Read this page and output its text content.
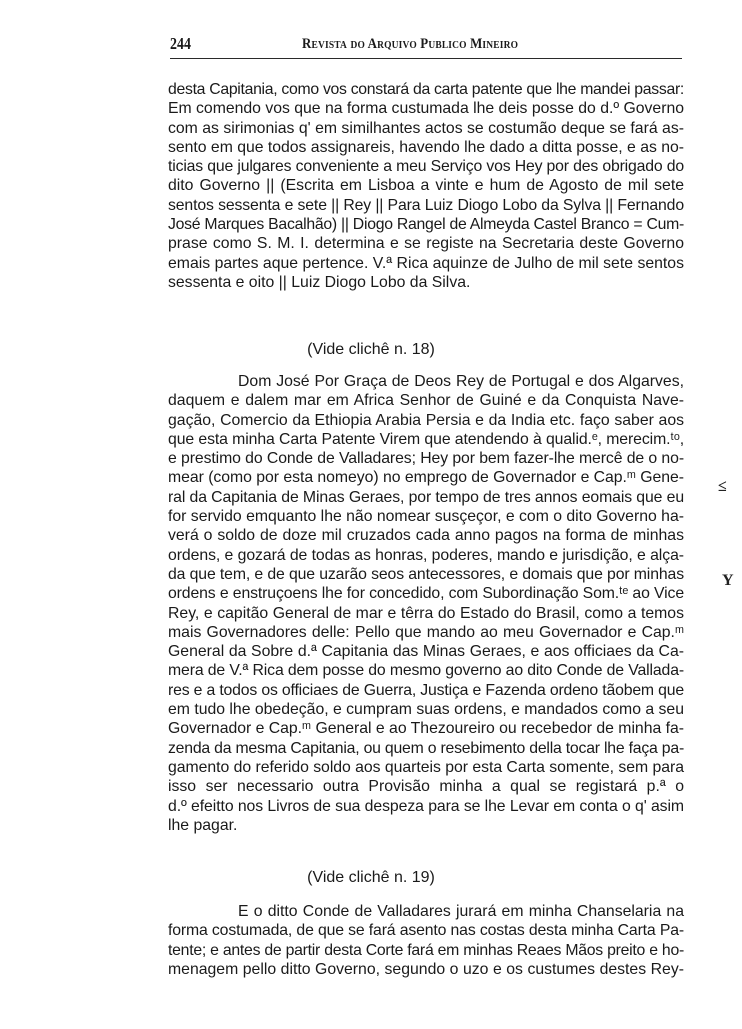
244	Revista do Arquivo Publico Mineiro
desta Capitania, como vos constará da carta patente que lhe mandei passar:
Em comendo vos que na forma custumada lhe deis posse do d.º Governo
com as sirimonias q' em similhantes actos se costumão deque se fará as-
sento em que todos assignareis, havendo lhe dado a ditta posse, e as no-
ticias que julgares conveniente a meu Serviço vos Hey por des obrigado do
dito Governo || (Escrita em Lisboa a vinte e hum de Agosto de mil sete
sentos sessenta e sete || Rey || Para Luiz Diogo Lobo da Sylva || Fernando
José Marques Bacalhão) || Diogo Rangel de Almeyda Castel Branco = Cum-
prase como S. M. I. determina e se registe na Secretaria deste Governo
emais partes aque pertence. V.ª Rica aquinze de Julho de mil sete sentos
sessenta e oito || Luiz Diogo Lobo da Silva.
(Vide clichê n. 18)
Dom José Por Graça de Deos Rey de Portugal e dos Algarves,
daquem e dalem mar em Africa Senhor de Guiné e da Conquista Nave-
gação, Comercio da Ethiopia Arabia Persia e da India etc. faço saber aos
que esta minha Carta Patente Virem que atendendo à qualid.ᵉ, merecim.ᵗᵒ,
e prestimo do Conde de Valladares; Hey por bem fazer-lhe mercê de o no-
mear (como por esta nomeyo) no emprego de Governador e Cap.ᵐ Gene-
ral da Capitania de Minas Geraes, por tempo de tres annos eomais que eu
for servido emquanto lhe não nomear susçeçor, e com o dito Governo ha-
verá o soldo de doze mil cruzados cada anno pagos na forma de minhas
ordens, e gozará de todas as honras, poderes, mando e jurisdição, e alça-
da que tem, e de que uzarão seos antecessores, e domais que por minhas
ordens e enstruçoens lhe for concedido, com Subordinação Som.ᵗᵉ ao Vice
Rey, e capitão General de mar e têrra do Estado do Brasil, como a temos
mais Governadores delle: Pello que mando ao meu Governador e Cap.ᵐ
General da Sobre d.ª Capitania das Minas Geraes, e aos officiaes da Ca-
mera de V.ª Rica dem posse do mesmo governo ao dito Conde de Vallada-
res e a todos os officiaes de Guerra, Justiça e Fazenda ordeno tãobem que
em tudo lhe obedeção, e cumpram suas ordens, e mandados como a seu
Governador e Cap.ᵐ General e ao Thezoureiro ou recebedor de minha fa-
zenda da mesma Capitania, ou quem o resebimento della tocar lhe faça pa-
gamento do referido soldo aos quarteis por esta Carta somente, sem para
isso ser necessario outra Provisão minha a qual se registará p.ª o
d.º efeitto nos Livros de sua despeza para se lhe Levar em conta o q' asim
lhe pagar.
(Vide clichê n. 19)
E o ditto Conde de Valladares jurará em minha Chanselaria na
forma costumada, de que se fará asento nas costas desta minha Carta Pa-
tente; e antes de partir desta Corte fará em minhas Reaes Mãos preito e ho-
menagem pello ditto Governo, segundo o uzo e os custumes destes Rey-
≤
Y
